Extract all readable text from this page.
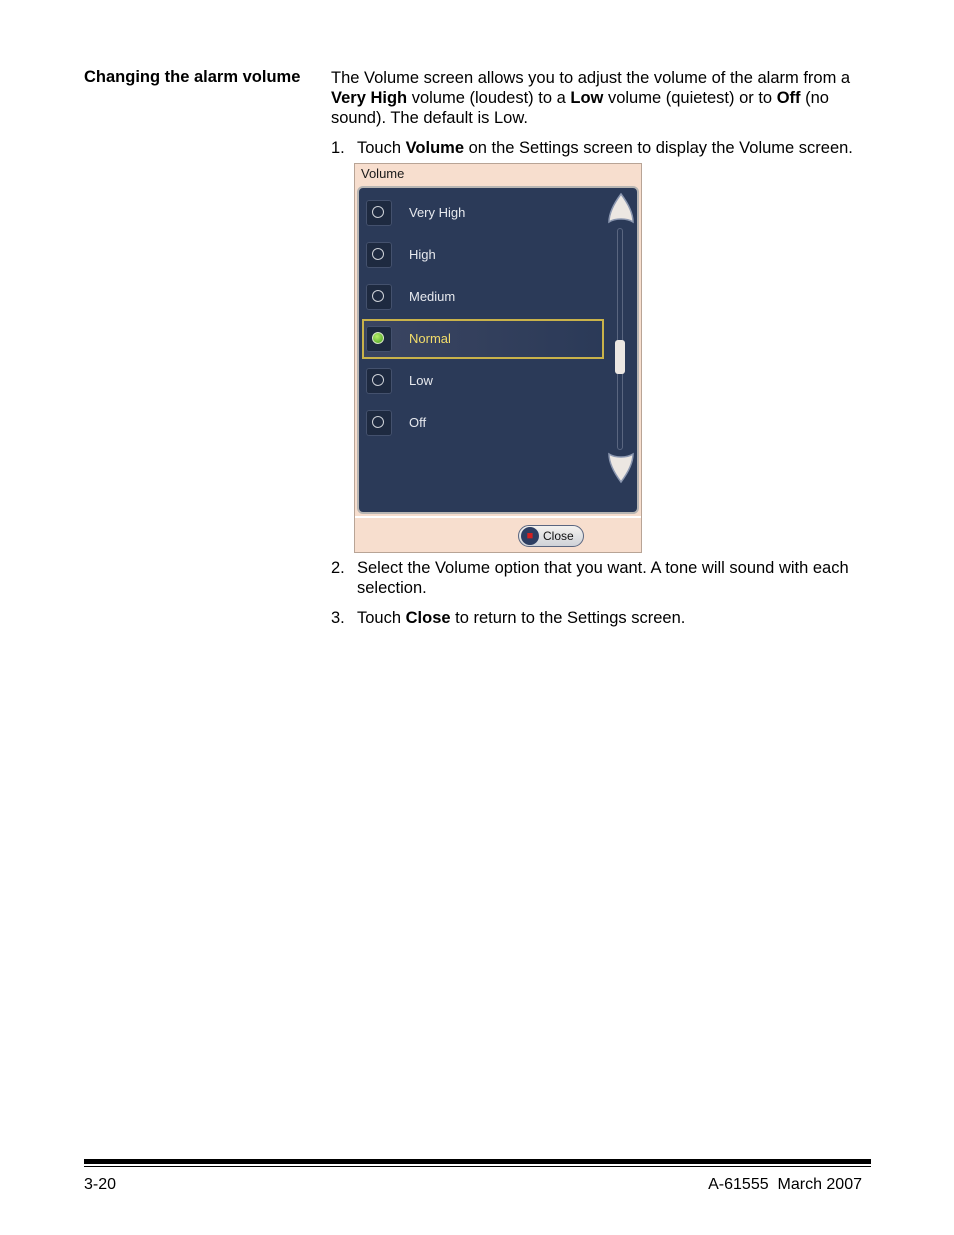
Changing the alarm volume The Volume screen allows you to adjust the volume of the alarm from a Very High volume (loudest) to a Low volume (quietest) or to Off (no sound). The default is Low.

1. Touch Volume on the Settings screen to display the Volume screen.

2. Select the Volume option that you want. A tone will sound with each selection.

3. Touch Close to return to the Settings screen.

Volume
Very High
High
Medium
Normal
Low
Off
■ Close
3-20	A-61555  March 2007
